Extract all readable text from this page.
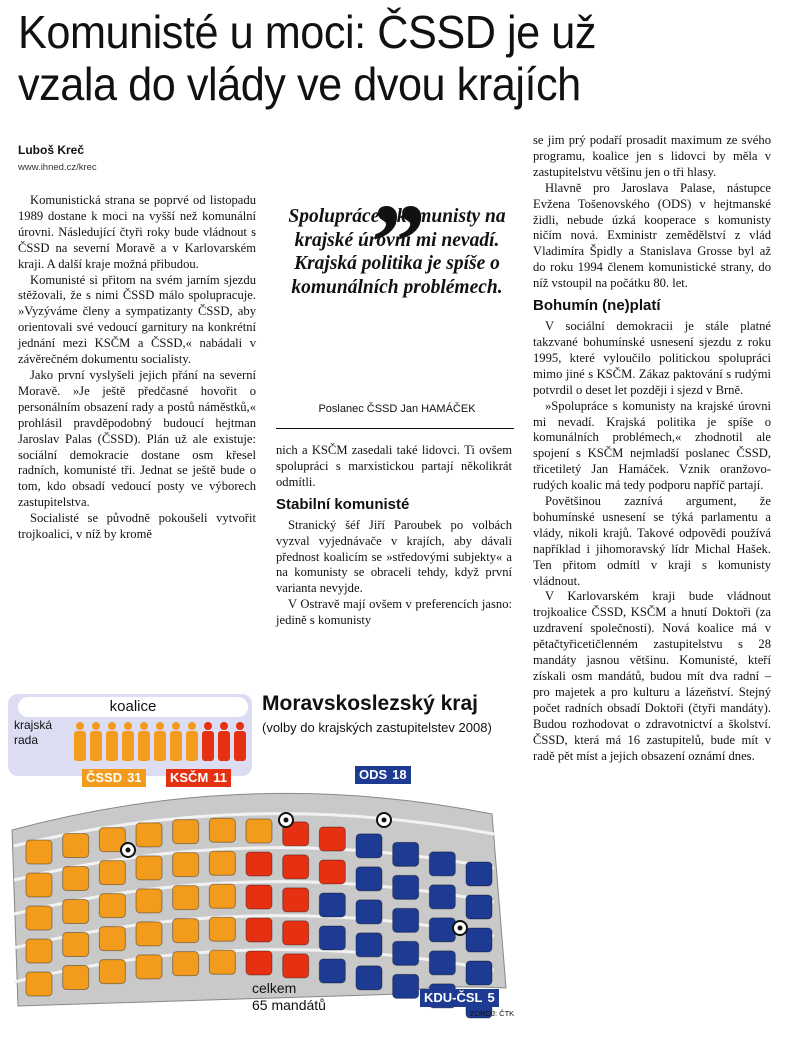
Komunisté u moci: ČSSD je už
vzala do vlády ve dvou krajích
Luboš Kreč
www.ihned.cz/krec

Komunistická strana se poprvé od listopadu 1989 dostane k moci na vyšší než komunální úrovni. Následující čtyři roky bude vládnout s ČSSD na severní Moravě a v Karlovarském kraji. A další kraje možná přibudou.

Komunisté si přitom na svém jarním sjezdu stěžovali, že s nimi ČSSD málo spolupracuje. »Vyzýváme členy a sympatizanty ČSSD, aby orientovali své vedoucí garnitury na konkrétní jednání mezi KSČM a ČSSD,« nabádali v závěrečném dokumentu socialisty.

Jako první vyslyšeli jejich přání na severní Moravě. »Je ještě předčasné hovořit o personálním obsazení rady a postů náměstků,« prohlásil pravděpodobný budoucí hejtman Jaroslav Palas (ČSSD). Plán už ale existuje: sociální demokracie dostane osm křesel radních, komunisté tři. Jednat se ještě bude o tom, kdo obsadí vedoucí posty ve výborech zastupitelstva.

Socialisté se původně pokoušeli vytvořit trojkoalici, v níž by kromě

„
Spolupráce s komunisty na krajské úrovni mi nevadí. Krajská politika je spíše o komunálních problémech.
Poslanec ČSSD Jan HAMÁČEK

nich a KSČM zasedali také lidovci. Ti ovšem spolupráci s marxistickou partají několikrát odmítli.

Stabilní komunisté

Stranický šéf Jiří Paroubek po volbách vyzval vyjednávače v krajích, aby dávali přednost koalicím se »středovými subjekty« a na komunisty se obraceli tehdy, když první varianta nevyjde.

V Ostravě mají ovšem v preferencích jasno: jedině s komunisty

se jim prý podaří prosadit maximum ze svého programu, koalice jen s lidovci by měla v zastupitelstvu většinu jen o tři hlasy.

Hlavně pro Jaroslava Palase, nástupce Evžena Tošenovského (ODS) v hejtmanské židli, nebude úzká kooperace s komunisty ničím nová. Exministr zemědělství z vlád Vladimíra Špidly a Stanislava Grosse byl až do roku 1994 členem komunistické strany, do níž vstoupil na počátku 80. let.

Bohumín (ne)platí

V sociální demokracii je stále platné takzvané bohumínské usnesení sjezdu z roku 1995, které vyloučilo politickou spolupráci mimo jiné s KSČM. Zákaz paktování s rudými potvrdil o deset let později i sjezd v Brně.

»Spolupráce s komunisty na krajské úrovni mi nevadí. Krajská politika je spíše o komunálních problémech,« zhodnotil ale spojení s KSČM nejmladší poslanec ČSSD, třicetiletý Jan Hamáček. Vznik oranžovo-rudých koalic má tedy podporu napříč partají.

Povětšinou zaznívá argument, že bohumínské usnesení se týká parlamentu a vlády, nikoli krajů. Takové odpovědi používá například i jihomoravský lídr Michal Hašek. Ten přitom odmítl v kraji s komunisty vládnout.

V Karlovarském kraji bude vládnout trojkoalice ČSSD, KSČM a hnutí Doktoři (za uzdravení společnosti). Nová koalice má v pětačtyřicetičlenném zastupitelstvu s 28 mandáty jasnou většinu. Komunisté, kteří získali osm mandátů, budou mít dva radní – pro majetek a pro kulturu a lázeňství. Stejný počet radních obsadí Doktoři (čtyři mandáty). Budou rozhodovat o zdravotnictví a školství. ČSSD, která má 16 zastupitelů, bude mít v radě pět míst a jejich obsazení oznámí dnes.

koalice
krajská
rada
Moravskoslezský kraj
(volby do krajských zastupitelstev 2008)
ČSSD 31	KSČM 11	ODS 18
KDU-ČSL 5
celkem
65 mandátů
ZDROJ: ČTK
